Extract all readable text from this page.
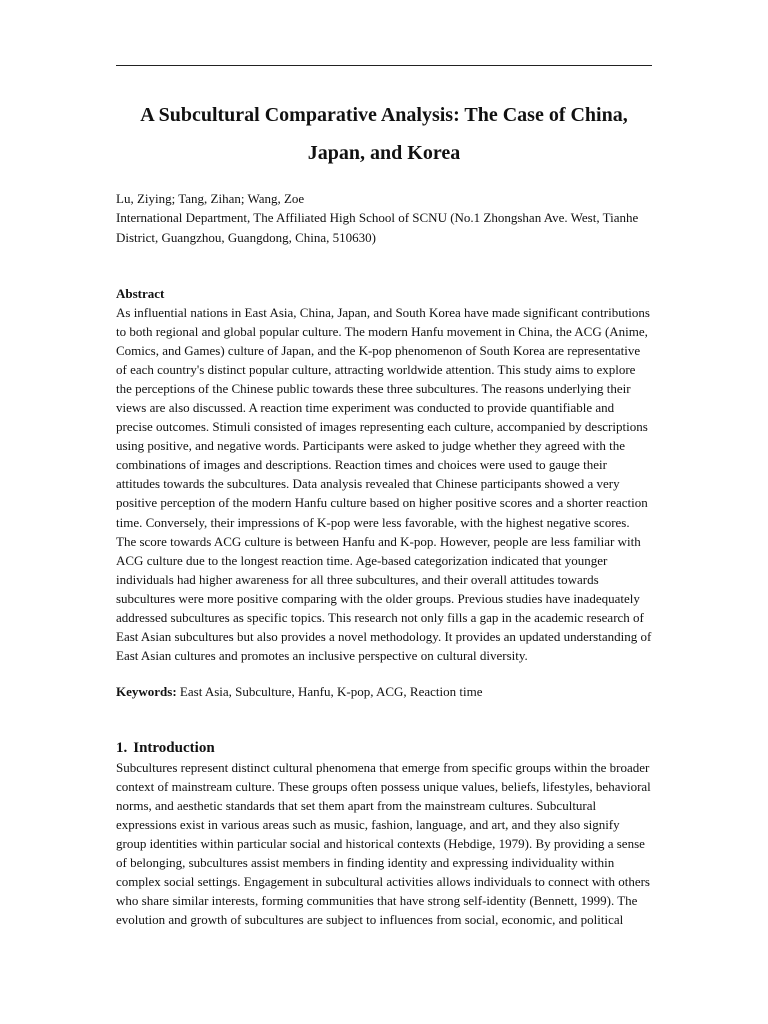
A Subcultural Comparative Analysis: The Case of China, Japan, and Korea
Lu, Ziying; Tang, Zihan; Wang, Zoe
International Department, The Affiliated High School of SCNU (No.1 Zhongshan Ave. West, Tianhe District, Guangzhou, Guangdong, China, 510630)
Abstract

As influential nations in East Asia, China, Japan, and South Korea have made significant contributions to both regional and global popular culture. The modern Hanfu movement in China, the ACG (Anime, Comics, and Games) culture of Japan, and the K-pop phenomenon of South Korea are representative of each country's distinct popular culture, attracting worldwide attention. This study aims to explore the perceptions of the Chinese public towards these three subcultures. The reasons underlying their views are also discussed. A reaction time experiment was conducted to provide quantifiable and precise outcomes. Stimuli consisted of images representing each culture, accompanied by descriptions using positive, and negative words. Participants were asked to judge whether they agreed with the combinations of images and descriptions. Reaction times and choices were used to gauge their attitudes towards the subcultures. Data analysis revealed that Chinese participants showed a very positive perception of the modern Hanfu culture based on higher positive scores and a shorter reaction time. Conversely, their impressions of K-pop were less favorable, with the highest negative scores. The score towards ACG culture is between Hanfu and K-pop. However, people are less familiar with ACG culture due to the longest reaction time. Age-based categorization indicated that younger individuals had higher awareness for all three subcultures, and their overall attitudes towards subcultures were more positive comparing with the older groups. Previous studies have inadequately addressed subcultures as specific topics. This research not only fills a gap in the academic research of East Asian subcultures but also provides a novel methodology. It provides an updated understanding of East Asian cultures and promotes an inclusive perspective on cultural diversity.

Keywords: East Asia, Subculture, Hanfu, K-pop, ACG, Reaction time
1. Introduction

Subcultures represent distinct cultural phenomena that emerge from specific groups within the broader context of mainstream culture. These groups often possess unique values, beliefs, lifestyles, behavioral norms, and aesthetic standards that set them apart from the mainstream cultures. Subcultural expressions exist in various areas such as music, fashion, language, and art, and they also signify group identities within particular social and historical contexts (Hebdige, 1979). By providing a sense of belonging, subcultures assist members in finding identity and expressing individuality within complex social settings. Engagement in subcultural activities allows individuals to connect with others who share similar interests, forming communities that have strong self-identity (Bennett, 1999). The evolution and growth of subcultures are subject to influences from social, economic, and political
